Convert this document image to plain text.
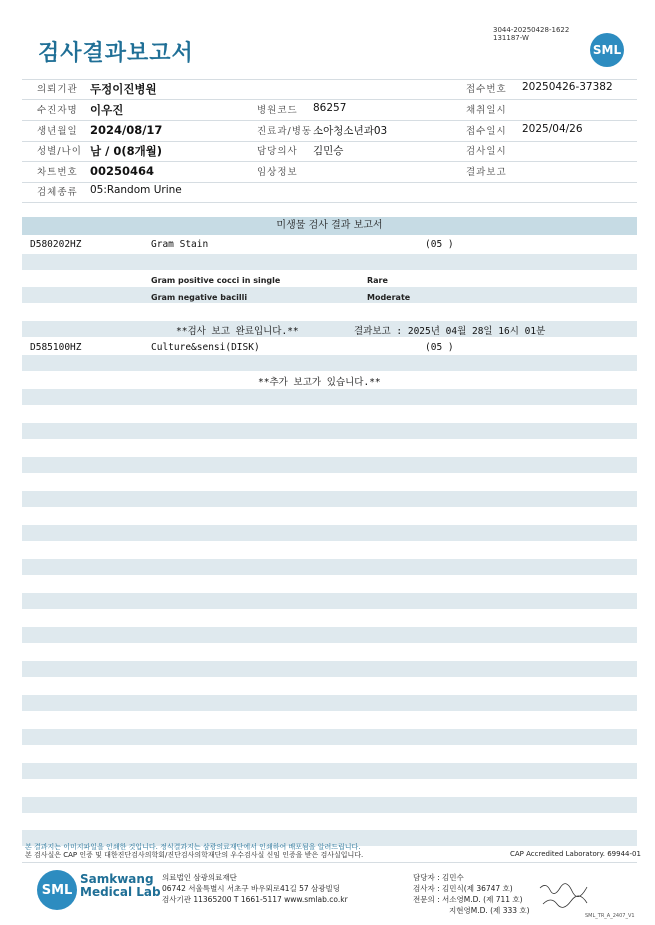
검사결과보고서
3044-20250428-1622
131187-W
SML
의뢰기관 두정이진병원	접수번호 20250426-37382
수진자명 이우진	병원코드 86257	채취일시
생년월일 2024/08/17	진료과/병동 소아청소년과03	접수일시 2025/04/26
성별/나이 남 / 0(8개월)	담당의사 김민승	검사일시
차트번호 00250464	임상정보	결과보고
검체종류 05:Random Urine
미생물 검사 결과 보고서
D580202HZ	Gram Stain	(05 )
Gram positive cocci in single	Rare
Gram negative bacilli	Moderate
**검사 보고 완료입니다.**	결과보고 : 2025년 04월 28일 16시 01분
D585100HZ	Culture&sensi(DISK)	(05 )
**추가 보고가 있습니다.**
본 결과지는 이미지파일을 인쇄한 것입니다. 정식결과지는 삼광의료재단에서 인쇄하여 배포됨을 알려드립니다.
본 검사실은 CAP 인증 및 대한진단검사의학회/진단검사의학재단의 우수검사실 신임 인증을 받은 검사실입니다.	CAP Accredited Laboratory. 69944-01
SML
Samkwang
Medical Lab
의료법인 삼광의료재단
06742 서울특별시 서초구 바우뫼로41길 57 삼광빌딩
검사기관 11365200 T 1661-5117 www.smlab.co.kr
담당자 : 김민수
검사자 : 김민식(제 36747 호)
전문의 : 서소영M.D. (제 711 호)
지현영M.D. (제 333 호)
SML_TR_A_2407_V1
